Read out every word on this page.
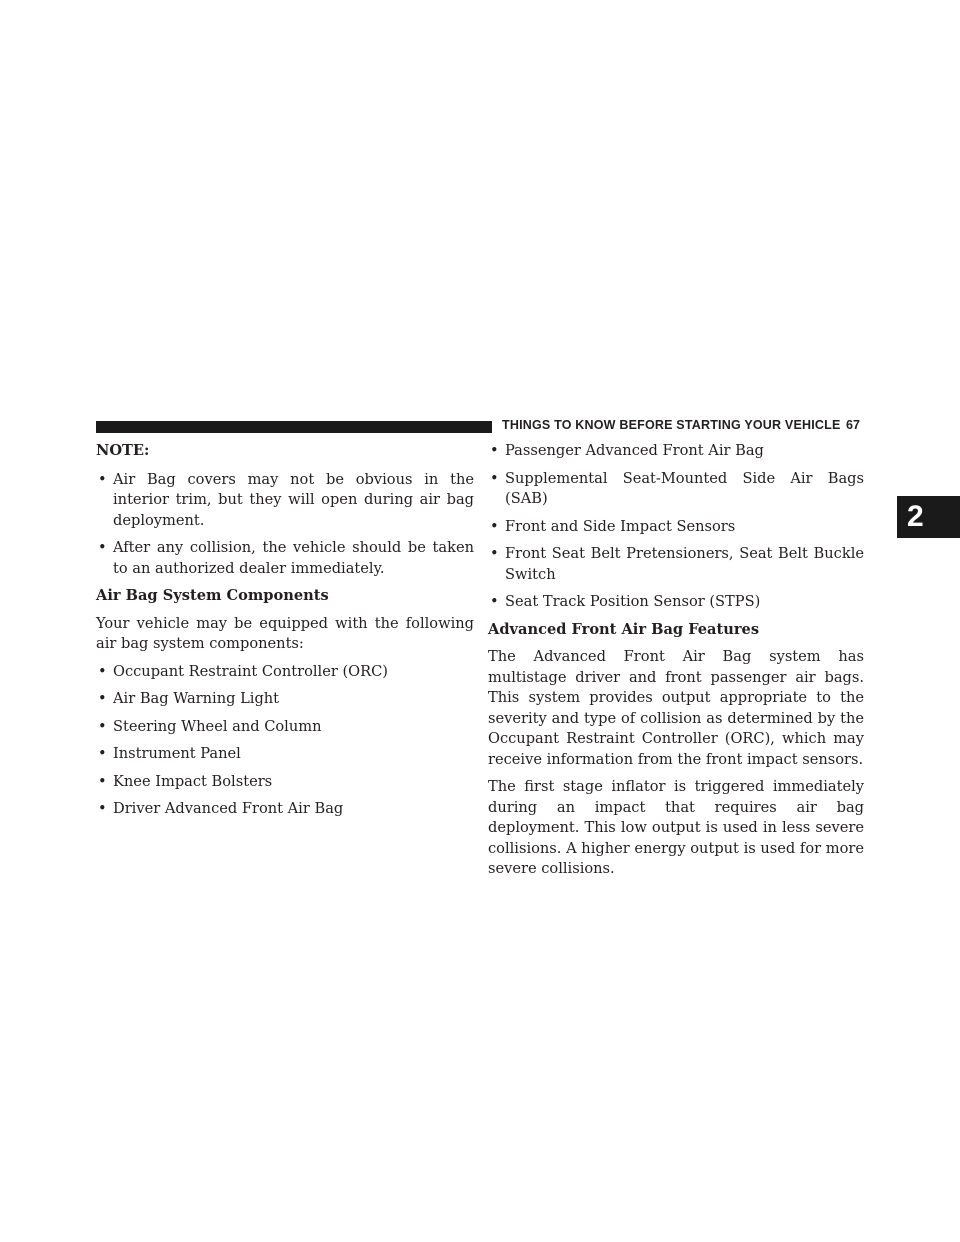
THINGS TO KNOW BEFORE STARTING YOUR VEHICLE 67
2
NOTE:
• Air Bag covers may not be obvious in the interior trim, but they will open during air bag deployment.
• After any collision, the vehicle should be taken to an authorized dealer immediately.
Air Bag System Components

Your vehicle may be equipped with the following air bag system components:

• Occupant Restraint Controller (ORC)
• Air Bag Warning Light
• Steering Wheel and Column
• Instrument Panel
• Knee Impact Bolsters
• Driver Advanced Front Air Bag
• Passenger Advanced Front Air Bag
• Supplemental Seat-Mounted Side Air Bags (SAB)
• Front and Side Impact Sensors
• Front Seat Belt Pretensioners, Seat Belt Buckle Switch
• Seat Track Position Sensor (STPS)
Advanced Front Air Bag Features

The Advanced Front Air Bag system has multistage driver and front passenger air bags. This system provides output appropriate to the severity and type of collision as determined by the Occupant Restraint Controller (ORC), which may receive information from the front impact sensors.

The first stage inflator is triggered immediately during an impact that requires air bag deployment. This low output is used in less severe collisions. A higher energy output is used for more severe collisions.
